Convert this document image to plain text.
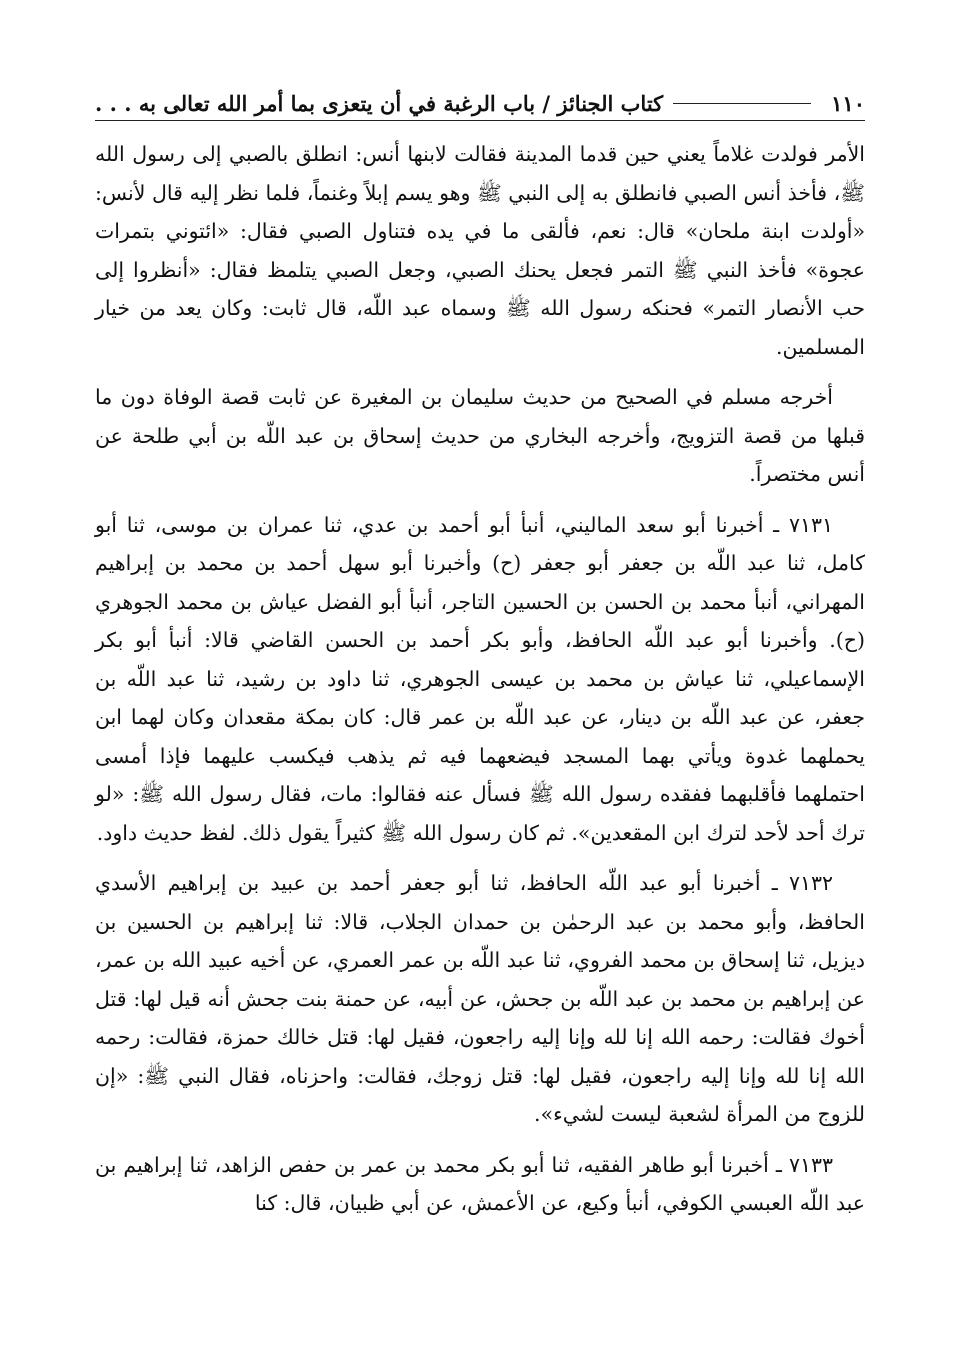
١١٠
كتاب الجنائز / باب الرغبة في أن يتعزى بما أمر الله تعالى به . . .

الأمر فولدت غلاماً يعني حين قدما المدينة فقالت لابنها أنس: انطلق بالصبي إلى رسول الله ﷺ، فأخذ أنس الصبي فانطلق به إلى النبي ﷺ وهو يسم إبلاً وغنماً، فلما نظر إليه قال لأنس: «أولدت ابنة ملحان» قال: نعم، فألقى ما في يده فتناول الصبي فقال: «ائتوني بتمرات عجوة» فأخذ النبي ﷺ التمر فجعل يحنك الصبي، وجعل الصبي يتلمظ فقال: «أنظروا إلى حب الأنصار التمر» فحنكه رسول الله ﷺ وسماه عبد اللّه، قال ثابت: وكان يعد من خيار المسلمين.

أخرجه مسلم في الصحيح من حديث سليمان بن المغيرة عن ثابت قصة الوفاة دون ما قبلها من قصة التزويج، وأخرجه البخاري من حديث إسحاق بن عبد اللّه بن أبي طلحة عن أنس مختصراً.

٧١٣١ ـ أخبرنا أبو سعد الماليني، أنبأ أبو أحمد بن عدي، ثنا عمران بن موسى، ثنا أبو كامل، ثنا عبد اللّه بن جعفر أبو جعفر (ح) وأخبرنا أبو سهل أحمد بن محمد بن إبراهيم المهراني، أنبأ محمد بن الحسن بن الحسين التاجر، أنبأ أبو الفضل عياش بن محمد الجوهري (ح). وأخبرنا أبو عبد اللّه الحافظ، وأبو بكر أحمد بن الحسن القاضي قالا: أنبأ أبو بكر الإسماعيلي، ثنا عياش بن محمد بن عيسى الجوهري، ثنا داود بن رشيد، ثنا عبد اللّه بن جعفر، عن عبد اللّه بن دينار، عن عبد اللّه بن عمر قال: كان بمكة مقعدان وكان لهما ابن يحملهما غدوة ويأتي بهما المسجد فيضعهما فيه ثم يذهب فيكسب عليهما فإذا أمسى احتملهما فأقلبهما ففقده رسول الله ﷺ فسأل عنه فقالوا: مات، فقال رسول الله ﷺ: «لو ترك أحد لأحد لترك ابن المقعدين». ثم كان رسول الله ﷺ كثيراً يقول ذلك. لفظ حديث داود.

٧١٣٢ ـ أخبرنا أبو عبد اللّه الحافظ، ثنا أبو جعفر أحمد بن عبيد بن إبراهيم الأسدي الحافظ، وأبو محمد بن عبد الرحمٰن بن حمدان الجلاب، قالا: ثنا إبراهيم بن الحسين بن ديزيل، ثنا إسحاق بن محمد الفروي، ثنا عبد اللّه بن عمر العمري، عن أخيه عبيد الله بن عمر، عن إبراهيم بن محمد بن عبد اللّه بن جحش، عن أبيه، عن حمنة بنت جحش أنه قيل لها: قتل أخوك فقالت: رحمه الله إنا لله وإنا إليه راجعون، فقيل لها: قتل خالك حمزة، فقالت: رحمه الله إنا لله وإنا إليه راجعون، فقيل لها: قتل زوجك، فقالت: واحزناه، فقال النبي ﷺ: «إن للزوج من المرأة لشعبة ليست لشيء».

٧١٣٣ ـ أخبرنا أبو طاهر الفقيه، ثنا أبو بكر محمد بن عمر بن حفص الزاهد، ثنا إبراهيم بن عبد اللّه العبسي الكوفي، أنبأ وكيع، عن الأعمش، عن أبي ظبيان، قال: كنا
